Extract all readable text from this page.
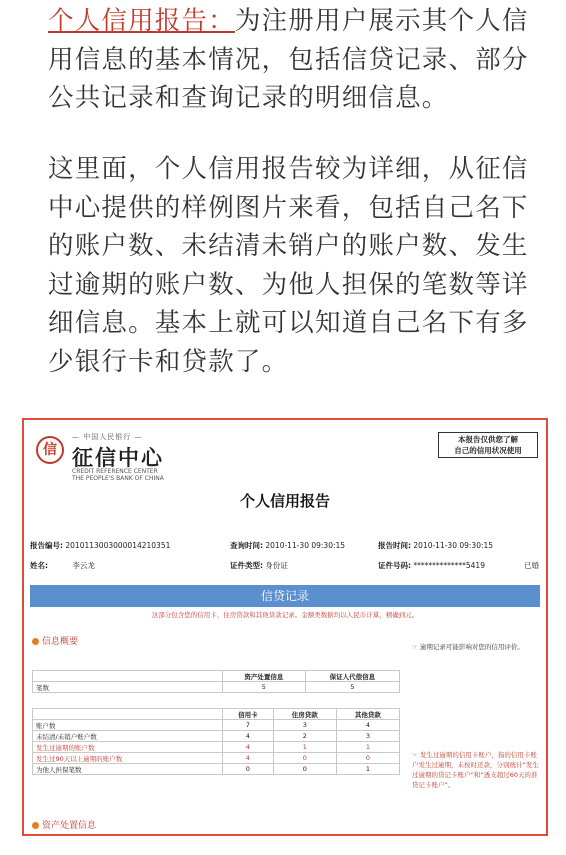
个人信用报告：为注册用户展示其个人信
用信息的基本情况，包括信贷记录、部分
公共记录和查询记录的明细信息。
这里面，个人信用报告较为详细，从征信
中心提供的样例图片来看，包括自己名下
的账户数、未结清未销户的账户数、发生
过逾期的账户数、为他人担保的笔数等详
细信息。基本上就可以知道自己名下有多
少银行卡和贷款了。
信
— 中国人民银行 —
征信中心
CREDIT REFERENCE CENTER
THE PEOPLE'S BANK OF CHINA
本报告仅供您了解
自己的信用状况使用
个人信用报告
报告编号: 2010113003000014210351	查询时间: 2010-11-30 09:30:15	报告时间: 2010-11-30 09:30:15
姓名:	李云龙	证件类型: 身份证	证件号码: **************5419	已婚
信贷记录
这部分包含您的信用卡、住房贷款和其他贷款记录。金额类数据均以人民币计算，精确到元。
信息概要	☞ 逾期记录可能影响对您的信用评价。
	资产处置信息	保证人代偿信息
笔数	5	5
	信用卡	住房贷款	其他贷款
账户数	7	3	4
未结清/未销户账户数	4	2	3
发生过逾期的账户数	4	1	1
发生过90天以上逾期的账户数	4	0	0
为他人担保笔数	0	0	1
☞ 发生过逾期的信用卡账户，指的信用卡账户发生过逾期，未按时还款，分别统计“发生过逾期的贷记卡账户”和“透支超过60天的准贷记卡账户”。
资产处置信息
